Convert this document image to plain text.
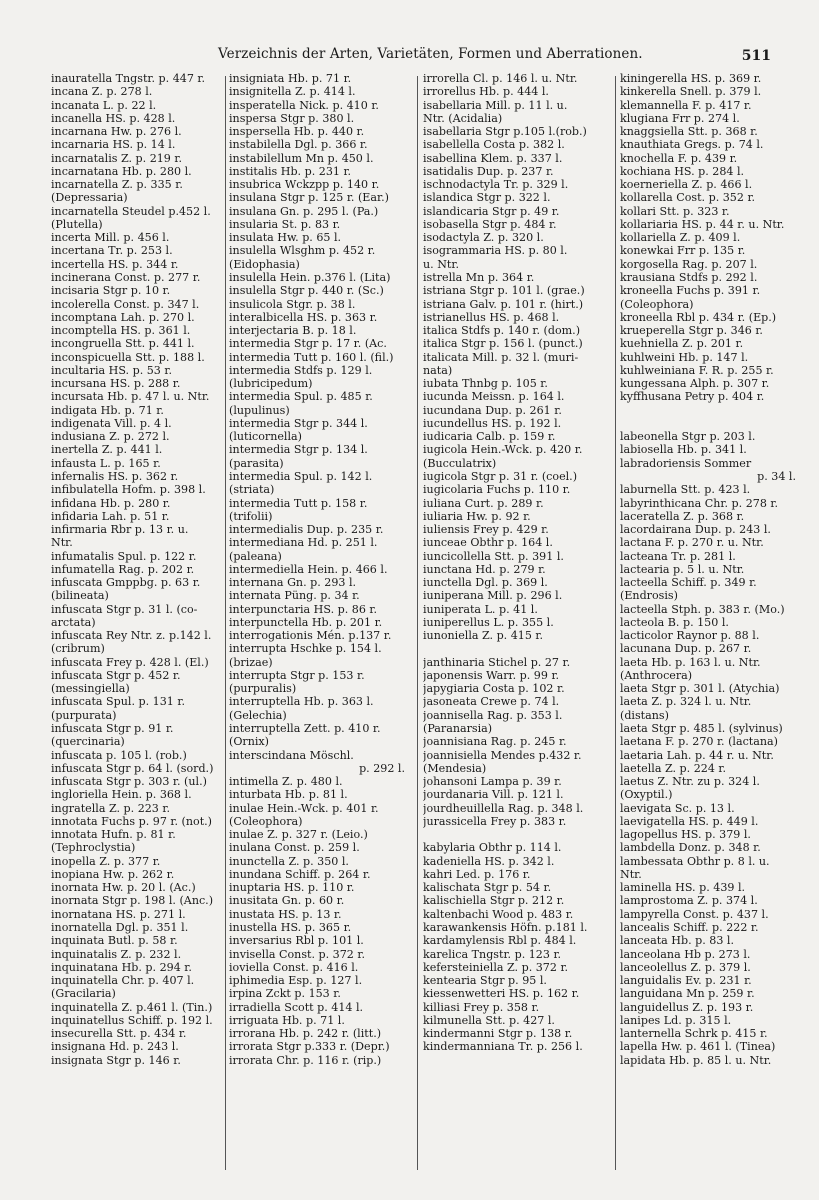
Verzeichnis der Arten, Varietäten, Formen und Aberrationen.	511
inauratella Tngstr. p. 447 r.
incana Z. p. 278 l.
incanata L. p. 22 l.
incanella HS. p. 428 l.
incarnana Hw. p. 276 l.
incarnaria HS. p. 14 l.
incarnatalis Z. p. 219 r.
incarnatana Hb. p. 280 l.
incarnatella Z. p. 335 r.
(Depressaria)
incarnatella Steudel p.452 l.
(Plutella)
incerta Mill. p. 456 l.
incertana Tr. p. 253 l.
incertella HS. p. 344 r.
incinerana Const. p. 277 r.
incisaria Stgr p. 10 r.
incolerella Const. p. 347 l.
incomptana Lah. p. 270 l.
incomptella HS. p. 361 l.
incongruella Stt. p. 441 l.
inconspicuella Stt. p. 188 l.
incultaria HS. p. 53 r.
incursana HS. p. 288 r.
incursata Hb. p. 47 l. u. Ntr.
indigata Hb. p. 71 r.
indigenata Vill. p. 4 l.
indusiana Z. p. 272 l.
inertella Z. p. 441 l.
infausta L. p. 165 r.
infernalis HS. p. 362 r.
infibulatella Hofm. p. 398 l.
infidana Hb. p. 280 r.
infidaria Lah. p. 51 r.
infirmaria Rbr p. 13 r. u.
Ntr.
infumatalis Spul. p. 122 r.
infumatella Rag. p. 202 r.
infuscata Gmppbg. p. 63 r.
(bilineata)
infuscata Stgr p. 31 l. (co-
arctata)
infuscata Rey Ntr. z. p.142 l.
(cribrum)
infuscata Frey p. 428 l. (El.)
infuscata Stgr p. 452 r.
(messingiella)
infuscata Spul. p. 131 r.
(purpurata)
infuscata Stgr p. 91 r.
(quercinaria)
infuscata p. 105 l. (rob.)
infuscata Stgr p. 64 l. (sord.)
infuscata Stgr p. 303 r. (ul.)
ingloriella Hein. p. 368 l.
ingratella Z. p. 223 r.
innotata Fuchs p. 97 r. (not.)
innotata Hufn. p. 81 r.
(Tephroclystia)
inopella Z. p. 377 r.
inopiana Hw. p. 262 r.
inornata Hw. p. 20 l. (Ac.)
inornata Stgr p. 198 l. (Anc.)
inornatana HS. p. 271 l.
inornatella Dgl. p. 351 l.
inquinata Butl. p. 58 r.
inquinatalis Z. p. 232 l.
inquinatana Hb. p. 294 r.
inquinatella Chr. p. 407 l.
(Gracilaria)
inquinatella Z. p.461 l. (Tin.)
inquinatellus Schiff. p. 192 l.
insecurella Stt. p. 434 r.
insignana Hd. p. 243 l.
insignata Stgr p. 146 r.
insigniata Hb. p. 71 r.
insignitella Z. p. 414 l.
insperatella Nick. p. 410 r.
inspersa Stgr p. 380 l.
inspersella Hb. p. 440 r.
instabilella Dgl. p. 366 r.
instabilellum Mn p. 450 l.
institalis Hb. p. 231 r.
insubrica Wckzpp p. 140 r.
insulana Stgr p. 125 r. (Ear.)
insulana Gn. p. 295 l. (Pa.)
insularia St. p. 83 r.
insulata Hw. p. 65 l.
insulella Wlsghm p. 452 r.
(Eidophasia)
insulella Hein. p.376 l. (Lita)
insulella Stgr p. 440 r. (Sc.)
insulicola Stgr. p. 38 l.
interalbicella HS. p. 363 r.
interjectaria B. p. 18 l.
intermedia Stgr p. 17 r. (Ac.
intermedia Tutt p. 160 l. (fil.)
intermedia Stdfs p. 129 l.
(lubricipedum)
intermedia Spul. p. 485 r.
(lupulinus)
intermedia Stgr p. 344 l.
(luticornella)
intermedia Stgr p. 134 l.
(parasita)
intermedia Spul. p. 142 l.
(striata)
intermedia Tutt p. 158 r.
(trifolii)
intermedialis Dup. p. 235 r.
intermediana Hd. p. 251 l.
(paleana)
intermediella Hein. p. 466 l.
internana Gn. p. 293 l.
internata Püng. p. 34 r.
interpunctaria HS. p. 86 r.
interpunctella Hb. p. 201 r.
interrogationis Mén. p.137 r.
interrupta Hschke p. 154 l.
(brizae)
interrupta Stgr p. 153 r.
(purpuralis)
interruptella Hb. p. 363 l.
(Gelechia)
interruptella Zett. p. 410 r.
(Ornix)
interscindana Möschl.
p. 292 l.
intimella Z. p. 480 l.
inturbata Hb. p. 81 l.
inulae Hein.-Wck. p. 401 r.
(Coleophora)
inulae Z. p. 327 r. (Leio.)
inulana Const. p. 259 l.
inunctella Z. p. 350 l.
inundana Schiff. p. 264 r.
inuptaria HS. p. 110 r.
inusitata Gn. p. 60 r.
inustata HS. p. 13 r.
inustella HS. p. 365 r.
inversarius Rbl p. 101 l.
invisella Const. p. 372 r.
ioviella Const. p. 416 l.
iphimedia Esp. p. 127 l.
irpina Zckt p. 153 r.
irradiella Scott p. 414 l.
irriguata Hb. p. 71 l.
irrorana Hb. p. 242 r. (litt.)
irrorata Stgr p.333 r. (Depr.)
irrorata Chr. p. 116 r. (rip.)
irrorella Cl. p. 146 l. u. Ntr.
irrorellus Hb. p. 444 l.
isabellaria Mill. p. 11 l. u.
Ntr. (Acidalia)
isabellaria Stgr p.105 l.(rob.)
isabellella Costa p. 382 l.
isabellina Klem. p. 337 l.
isatidalis Dup. p. 237 r.
ischnodactyla Tr. p. 329 l.
islandica Stgr p. 322 l.
islandicaria Stgr p. 49 r.
isobasella Stgr p. 484 r.
isodactyla Z. p. 320 l.
isogrammaria HS. p. 80 l.
u. Ntr.
istrella Mn p. 364 r.
istriana Stgr p. 101 l. (grae.)
istriana Galv. p. 101 r. (hirt.)
istrianellus HS. p. 468 l.
italica Stdfs p. 140 r. (dom.)
italica Stgr p. 156 l. (punct.)
italicata Mill. p. 32 l. (muri-
nata)
iubata Thnbg p. 105 r.
iucunda Meissn. p. 164 l.
iucundana Dup. p. 261 r.
iucundellus HS. p. 192 l.
iudicaria Calb. p. 159 r.
iugicola Hein.-Wck. p. 420 r.
(Bucculatrix)
iugicola Stgr p. 31 r. (coel.)
iugicolaria Fuchs p. 110 r.
iuliana Curt. p. 289 r.
iuliaria Hw. p. 92 r.
iuliensis Frey p. 429 r.
iunceae Obthr p. 164 l.
iuncicollella Stt. p. 391 l.
iunctana Hd. p. 279 r.
iunctella Dgl. p. 369 l.
iuniperana Mill. p. 296 l.
iuniperata L. p. 41 l.
iuniperellus L. p. 355 l.
iunoniella Z. p. 415 r.
janthinaria Stichel p. 27 r.
japonensis Warr. p. 99 r.
japygiaria Costa p. 102 r.
jasoneata Crewe p. 74 l.
joannisella Rag. p. 353 l.
(Paranarsia)
joannisiana Rag. p. 245 r.
joannisiella Mendes p.432 r.
(Mendesia)
johansoni Lampa p. 39 r.
jourdanaria Vill. p. 121 l.
jourdheuillella Rag. p. 348 l.
jurassicella Frey p. 383 r.
kabylaria Obthr p. 114 l.
kadeniella HS. p. 342 l.
kahri Led. p. 176 r.
kalischata Stgr p. 54 r.
kalischiella Stgr p. 212 r.
kaltenbachi Wood p. 483 r.
karawankensis Höfn. p.181 l.
kardamylensis Rbl p. 484 l.
karelica Tngstr. p. 123 r.
kefersteiniella Z. p. 372 r.
kentearia Stgr p. 95 l.
kiessenwetteri HS. p. 162 r.
killiasi Frey p. 358 r.
kilmunella Stt. p. 427 l.
kindermanni Stgr p. 138 r.
kindermanniana Tr. p. 256 l.
kiningerella HS. p. 369 r.
kinkerella Snell. p. 379 l.
klemannella F. p. 417 r.
klugiana Frr p. 274 l.
knaggsiella Stt. p. 368 r.
knauthiata Gregs. p. 74 l.
knochella F. p. 439 r.
kochiana HS. p. 284 l.
koerneriella Z. p. 466 l.
kollarella Cost. p. 352 r.
kollari Stt. p. 323 r.
kollariaria HS. p. 44 r. u. Ntr.
kollariella Z. p. 409 l.
konewkai Frr p. 135 r.
korgosella Rag. p. 207 l.
krausiana Stdfs p. 292 l.
kroneella Fuchs p. 391 r.
(Coleophora)
kroneella Rbl p. 434 r. (Ep.)
krueperella Stgr p. 346 r.
kuehniella Z. p. 201 r.
kuhlweini Hb. p. 147 l.
kuhlweiniana F. R. p. 255 r.
kungessana Alph. p. 307 r.
kyffhusana Petry p. 404 r.
labeonella Stgr p. 203 l.
labiosella Hb. p. 341 l.
labradoriensis Sommer
p. 34 l.
laburnella Stt. p. 423 l.
labyrinthicana Chr. p. 278 r.
laceratella Z. p. 368 r.
lacordairana Dup. p. 243 l.
lactana F. p. 270 r. u. Ntr.
lacteana Tr. p. 281 l.
lactearia p. 5 l. u. Ntr.
lacteella Schiff. p. 349 r.
(Endrosis)
lacteella Stph. p. 383 r. (Mo.)
lacteola B. p. 150 l.
lacticolor Raynor p. 88 l.
lacunana Dup. p. 267 r.
laeta Hb. p. 163 l. u. Ntr.
(Anthrocera)
laeta Stgr p. 301 l. (Atychia)
laeta Z. p. 324 l. u. Ntr.
(distans)
laeta Stgr p. 485 l. (sylvinus)
laetana F. p. 270 r. (lactana)
laetaria Lah. p. 44 r. u. Ntr.
laetella Z. p. 224 r.
laetus Z. Ntr. zu p. 324 l.
(Oxyptil.)
laevigata Sc. p. 13 l.
laevigatella HS. p. 449 l.
lagopellus HS. p. 379 l.
lambdella Donz. p. 348 r.
lambessata Obthr p. 8 l. u.
Ntr.
laminella HS. p. 439 l.
lamprostoma Z. p. 374 l.
lampyrella Const. p. 437 l.
lancealis Schiff. p. 222 r.
lanceata Hb. p. 83 l.
lanceolana Hb p. 273 l.
lanceolellus Z. p. 379 l.
languidalis Ev. p. 231 r.
languidana Mn p. 259 r.
languidellus Z. p. 193 r.
lanipes Ld. p. 315 l.
lanternella Schrk p. 415 r.
lapella Hw. p. 461 l. (Tinea)
lapidata Hb. p. 85 l. u. Ntr.
